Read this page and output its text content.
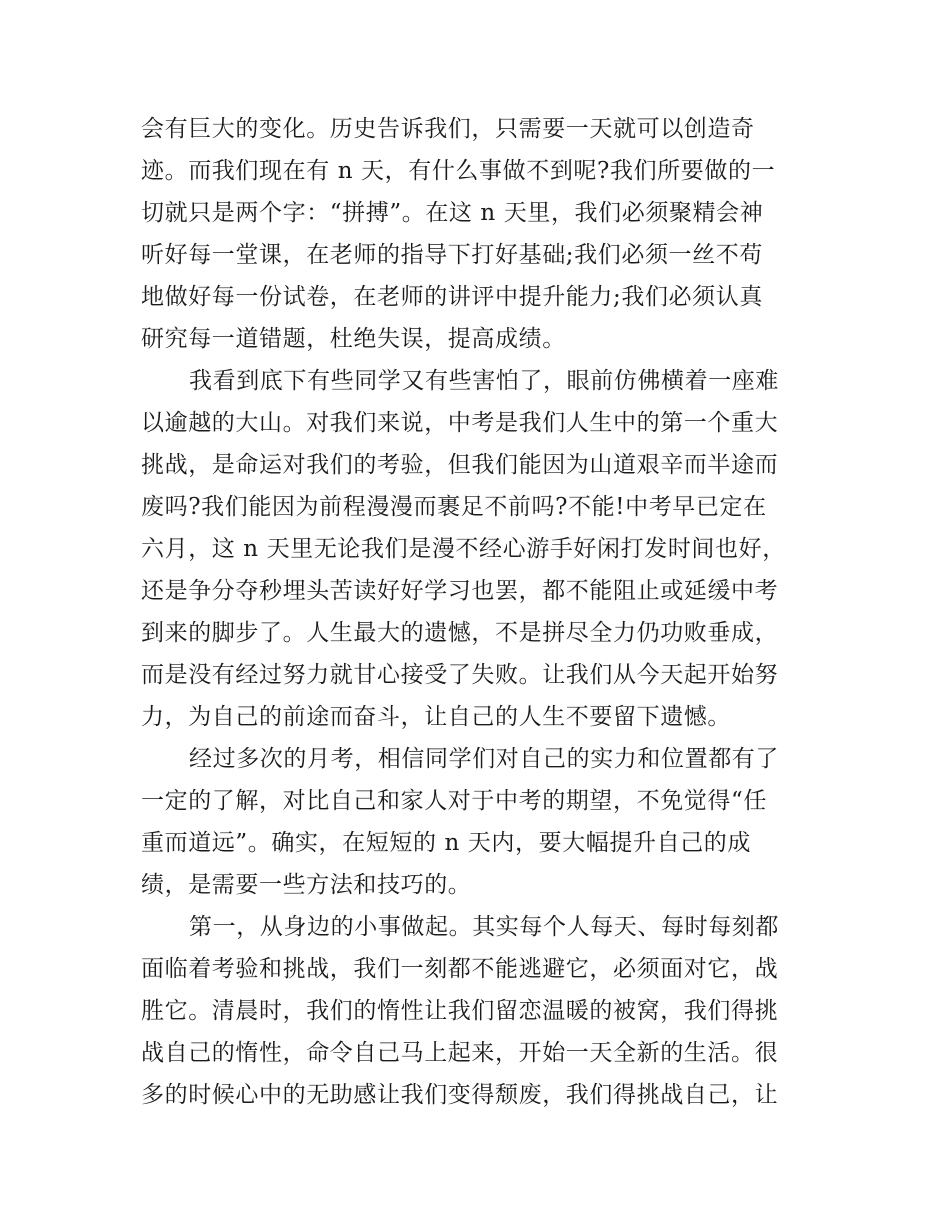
会有巨大的变化。历史告诉我们，只需要一天就可以创造奇
迹。而我们现在有 n 天，有什么事做不到呢?我们所要做的一
切就只是两个字：“拼搏”。在这 n 天里，我们必须聚精会神
听好每一堂课，在老师的指导下打好基础;我们必须一丝不苟
地做好每一份试卷，在老师的讲评中提升能力;我们必须认真
研究每一道错题，杜绝失误，提高成绩。

我看到底下有些同学又有些害怕了，眼前仿佛横着一座难
以逾越的大山。对我们来说，中考是我们人生中的第一个重大
挑战，是命运对我们的考验，但我们能因为山道艰辛而半途而
废吗?我们能因为前程漫漫而裹足不前吗?不能!中考早已定在
六月，这 n 天里无论我们是漫不经心游手好闲打发时间也好，
还是争分夺秒埋头苦读好好学习也罢，都不能阻止或延缓中考
到来的脚步了。人生最大的遗憾，不是拼尽全力仍功败垂成，
而是没有经过努力就甘心接受了失败。让我们从今天起开始努
力，为自己的前途而奋斗，让自己的人生不要留下遗憾。

经过多次的月考，相信同学们对自己的实力和位置都有了
一定的了解，对比自己和家人对于中考的期望，不免觉得“任
重而道远”。确实，在短短的 n 天内，要大幅提升自己的成
绩，是需要一些方法和技巧的。

第一，从身边的小事做起。其实每个人每天、每时每刻都
面临着考验和挑战，我们一刻都不能逃避它，必须面对它，战
胜它。清晨时，我们的惰性让我们留恋温暖的被窝，我们得挑
战自己的惰性，命令自己马上起来，开始一天全新的生活。很
多的时候心中的无助感让我们变得颓废，我们得挑战自己，让
